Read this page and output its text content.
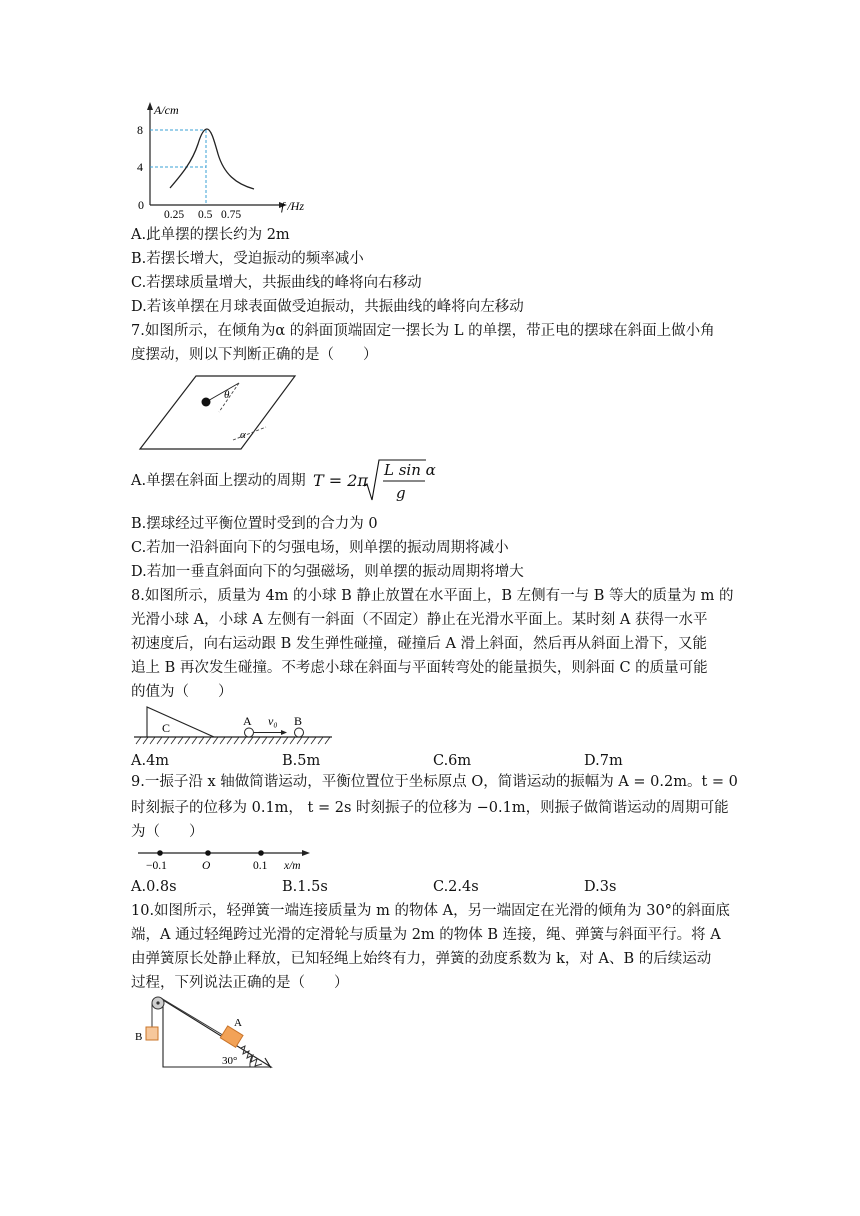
A/cm
8
4
0
0.25 0.5 0.75
f /Hz
A.此单摆的摆长约为 2m
B.若摆长增大，受迫振动的频率减小
C.若摆球质量增大，共振曲线的峰将向右移动
D.若该单摆在月球表面做受迫振动，共振曲线的峰将向左移动
7.如图所示，在倾角为α 的斜面顶端固定一摆长为 L 的单摆，带正电的摆球在斜面上做小角
度摆动，则以下判断正确的是（　　）
θ
α
A.单摆在斜面上摆动的周期 T = 2π
L sin α
g
B.摆球经过平衡位置时受到的合力为 0
C.若加一沿斜面向下的匀强电场，则单摆的振动周期将减小
D.若加一垂直斜面向下的匀强磁场，则单摆的振动周期将增大
8.如图所示，质量为 4m 的小球 B 静止放置在水平面上，B 左侧有一与 B 等大的质量为 m 的
光滑小球 A，小球 A 左侧有一斜面（不固定）静止在光滑水平面上。某时刻 A 获得一水平
初速度后，向右运动跟 B 发生弹性碰撞，碰撞后 A 滑上斜面，然后再从斜面上滑下，又能
追上 B 再次发生碰撞。不考虑小球在斜面与平面转弯处的能量损失，则斜面 C 的质量可能
的值为（　　）
C	A v₀ B
A.4m	B.5m	C.6m	D.7m
9.一振子沿 x 轴做简谐运动，平衡位置位于坐标原点 O，简谐运动的振幅为 A = 0.2m。t = 0
时刻振子的位移为 0.1m， t = 2s 时刻振子的位移为 −0.1m，则振子做简谐运动的周期可能
为（　　）
−0.1	O	0.1 x/m
A.0.8s	B.1.5s	C.2.4s	D.3s
10.如图所示，轻弹簧一端连接质量为 m 的物体 A，另一端固定在光滑的倾角为 30°的斜面底
端，A 通过轻绳跨过光滑的定滑轮与质量为 2m 的物体 B 连接，绳、弹簧与斜面平行。将 A
由弹簧原长处静止释放，已知轻绳上始终有力，弹簧的劲度系数为 k，对 A、B 的后续运动
过程，下列说法正确的是（　　）
B
A
30°
